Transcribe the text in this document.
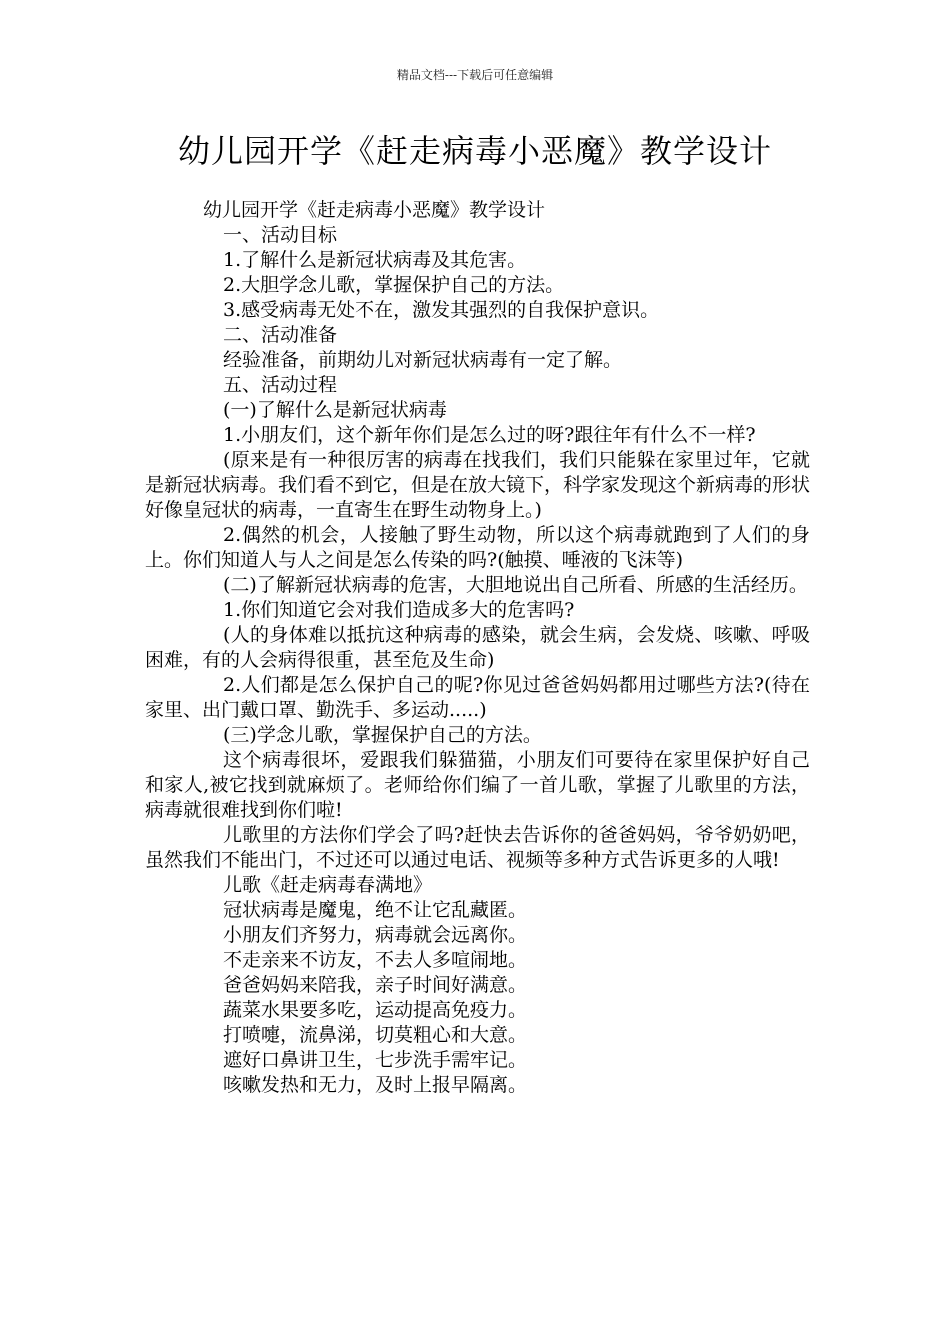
精品文档---下载后可任意编辑
幼儿园开学《赶走病毒小恶魔》教学设计
幼儿园开学《赶走病毒小恶魔》教学设计
一、活动目标
1.了解什么是新冠状病毒及其危害。
2.大胆学念儿歌，掌握保护自己的方法。
3.感受病毒无处不在，激发其强烈的自我保护意识。
二、活动准备
经验准备，前期幼儿对新冠状病毒有一定了解。
五、活动过程
(一)了解什么是新冠状病毒
1.小朋友们，这个新年你们是怎么过的呀?跟往年有什么不一样?
(原来是有一种很厉害的病毒在找我们，我们只能躲在家里过年，它就是新冠状病毒。我们看不到它，但是在放大镜下，科学家发现这个新病毒的形状好像皇冠状的病毒，一直寄生在野生动物身上。)
2.偶然的机会，人接触了野生动物，所以这个病毒就跑到了人们的身上。你们知道人与人之间是怎么传染的吗?(触摸、唾液的飞沫等)
(二)了解新冠状病毒的危害，大胆地说出自己所看、所感的生活经历。
1.你们知道它会对我们造成多大的危害吗?
(人的身体难以抵抗这种病毒的感染，就会生病，会发烧、咳嗽、呼吸困难，有的人会病得很重，甚至危及生命)
2.人们都是怎么保护自己的呢?你见过爸爸妈妈都用过哪些方法?(待在家里、出门戴口罩、勤洗手、多运动.....)
(三)学念儿歌，掌握保护自己的方法。
这个病毒很坏，爱跟我们躲猫猫，小朋友们可要待在家里保护好自己和家人,被它找到就麻烦了。老师给你们编了一首儿歌，掌握了儿歌里的方法，病毒就很难找到你们啦!
儿歌里的方法你们学会了吗?赶快去告诉你的爸爸妈妈，爷爷奶奶吧，虽然我们不能出门，不过还可以通过电话、视频等多种方式告诉更多的人哦!
儿歌《赶走病毒春满地》
冠状病毒是魔鬼，绝不让它乱藏匿。
小朋友们齐努力，病毒就会远离你。
不走亲来不访友，不去人多喧闹地。
爸爸妈妈来陪我，亲子时间好满意。
蔬菜水果要多吃，运动提高免疫力。
打喷嚏，流鼻涕，切莫粗心和大意。
遮好口鼻讲卫生，七步洗手需牢记。
咳嗽发热和无力，及时上报早隔离。
